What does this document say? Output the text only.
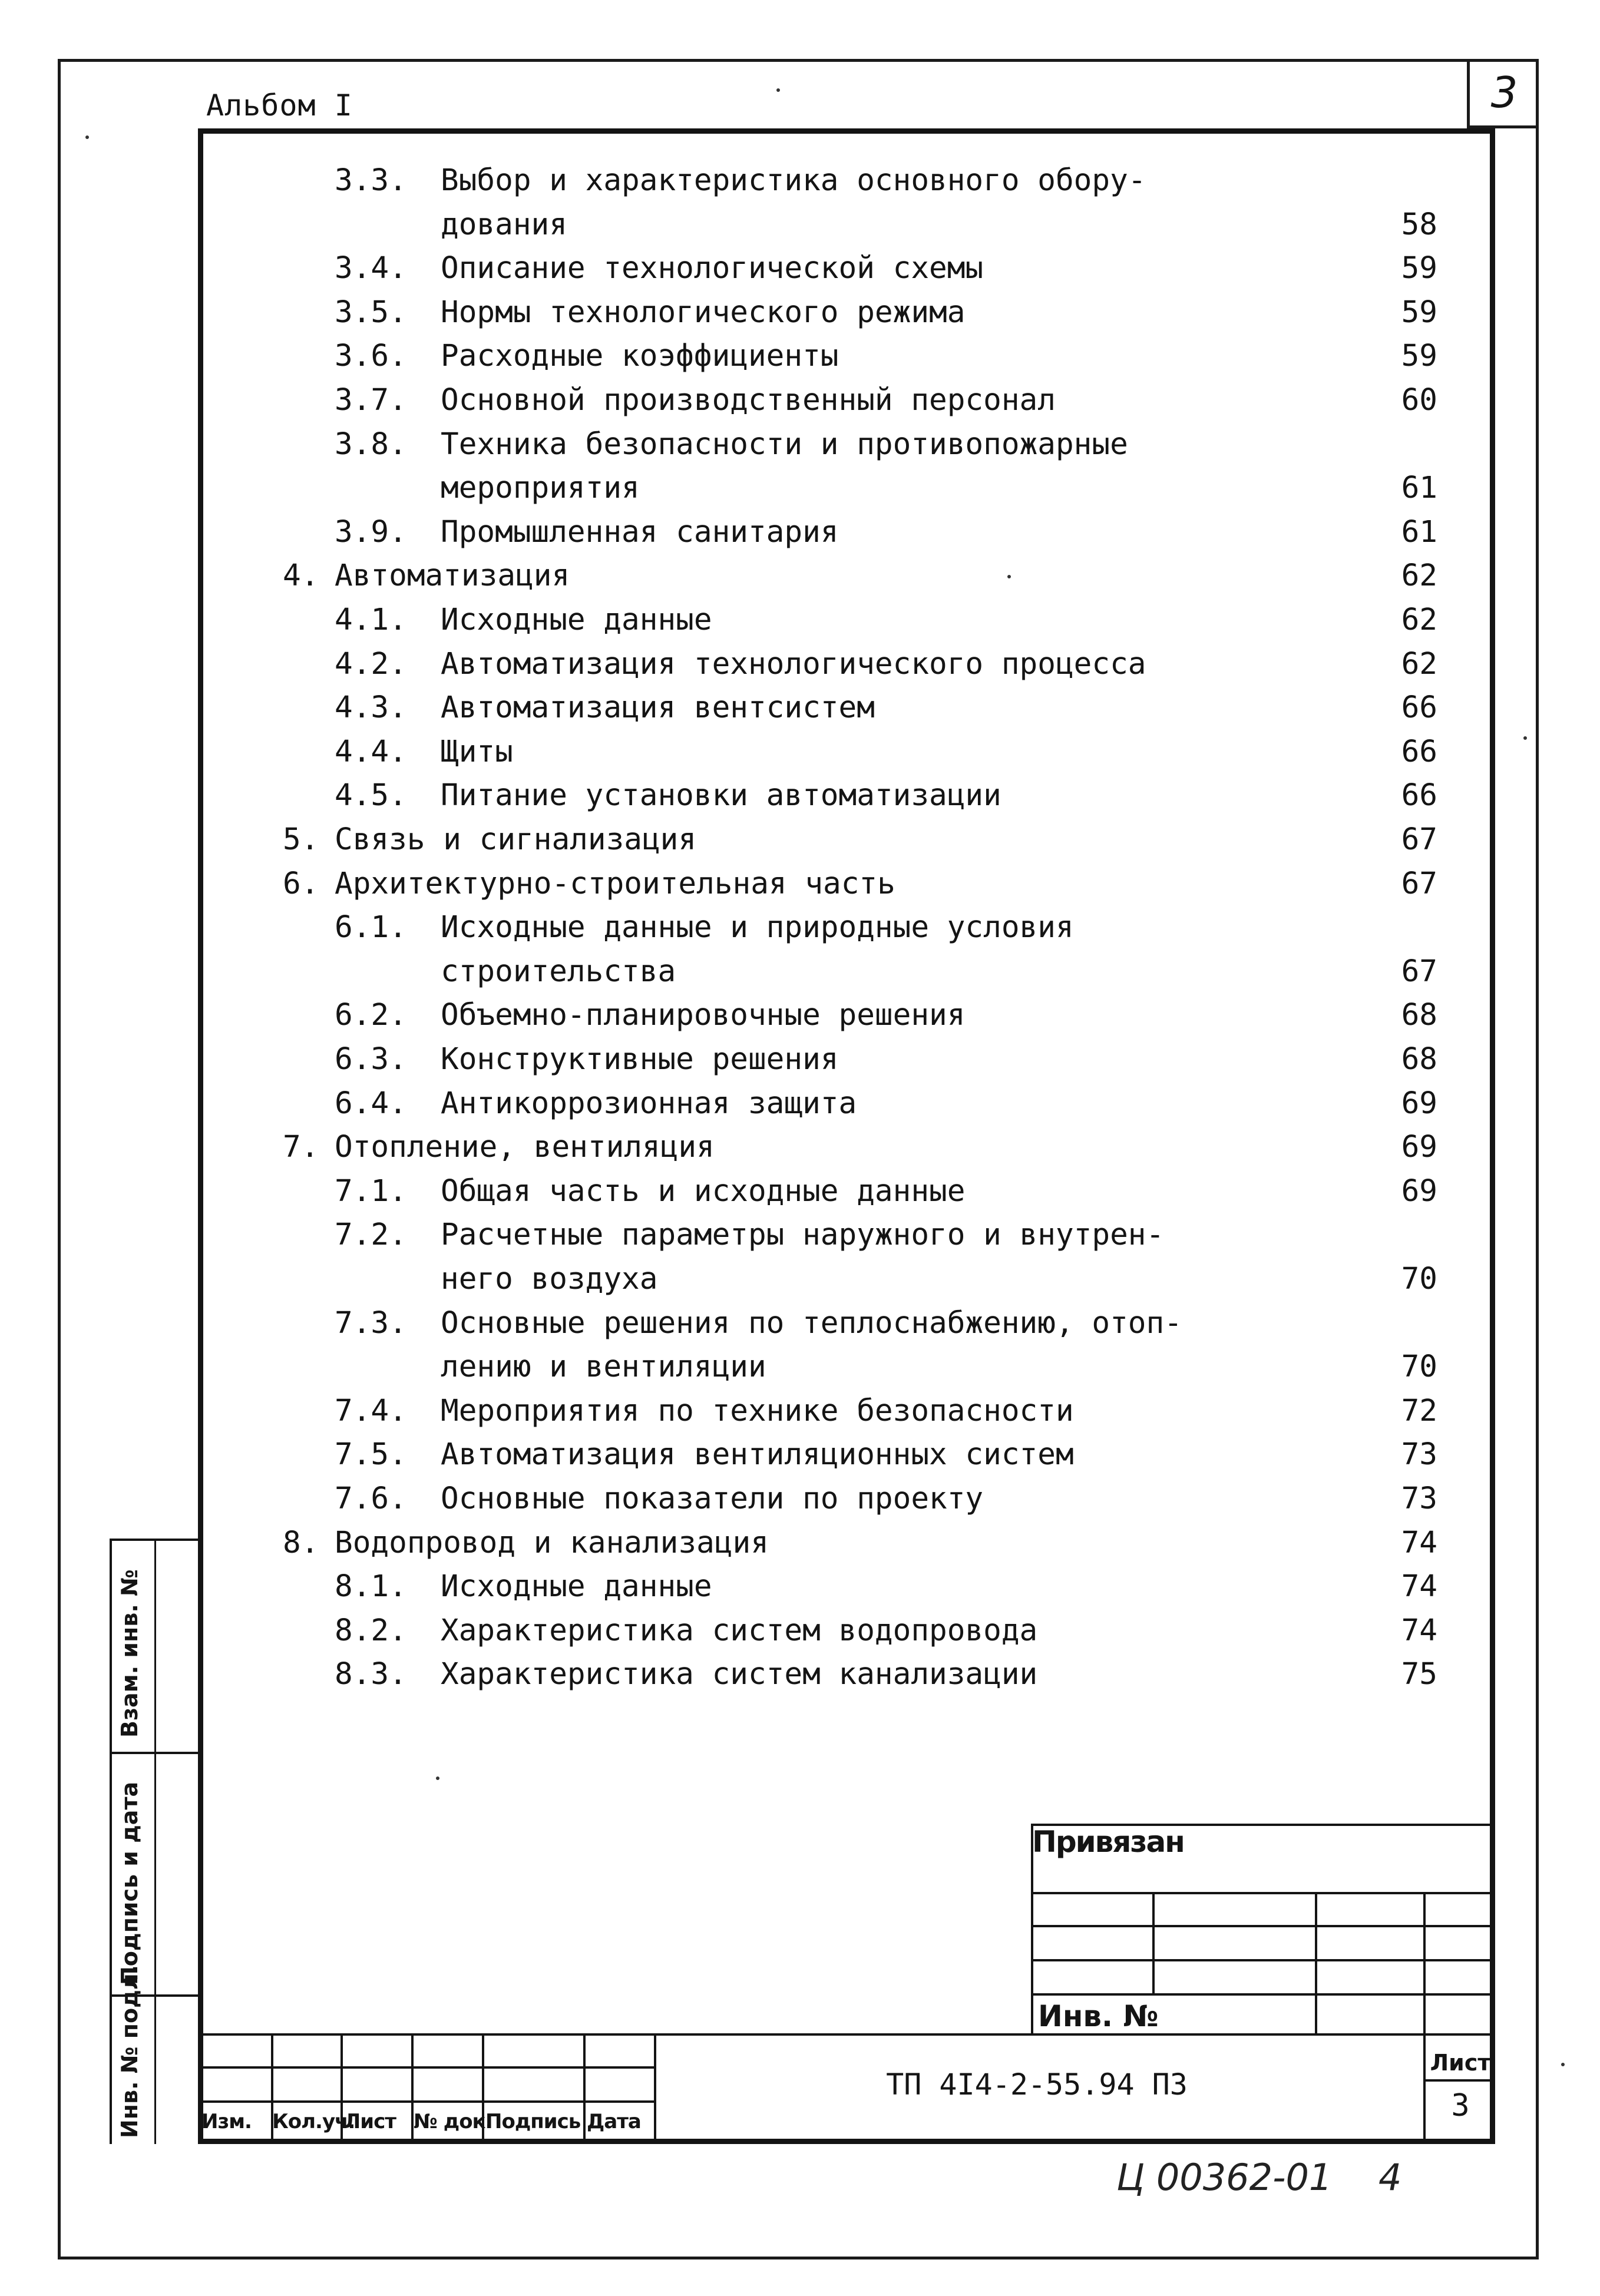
3
Альбом I
3.3. Выбор и характеристика основного обору-
дования	58
3.4. Описание технологической схемы	59
3.5. Нормы технологического режима	59
3.6. Расходные коэффициенты	59
3.7. Основной производственный персонал	60
3.8. Техника безопасности и противопожарные
мероприятия	61
3.9. Промышленная санитария	61
4. Автоматизация	62
4.1. Исходные данные	62
4.2. Автоматизация технологического процесса	62
4.3. Автоматизация вентсистем	66
4.4. Щиты	66
4.5. Питание установки автоматизации	66
5. Связь и сигнализация	67
6. Архитектурно-строительная часть	67
6.1. Исходные данные и природные условия
строительства	67
6.2. Объемно-планировочные решения	68
6.3. Конструктивные решения	68
6.4. Антикоррозионная защита	69
7. Отопление, вентиляция	69
7.1. Общая часть и исходные данные	69
7.2. Расчетные параметры наружного и внутрен-
него воздуха	70
7.3. Основные решения по теплоснабжению, отоп-
лению и вентиляции	70
7.4. Мероприятия по технике безопасности	72
7.5. Автоматизация вентиляционных систем	73
7.6. Основные показатели по проекту	73
8. Водопровод и канализация	74
8.1. Исходные данные	74
8.2. Характеристика систем водопровода	74
8.3. Характеристика систем канализации	75
Взам. инв. №
Подпись и дата
Инв. № подл.
Привязан
Инв. №
Изм. Кол.уч.
Лист № док.
Подпись Дата
ТП 4I4-2-55.94 ПЗ
Лист
3
Ц 00362-01 4
